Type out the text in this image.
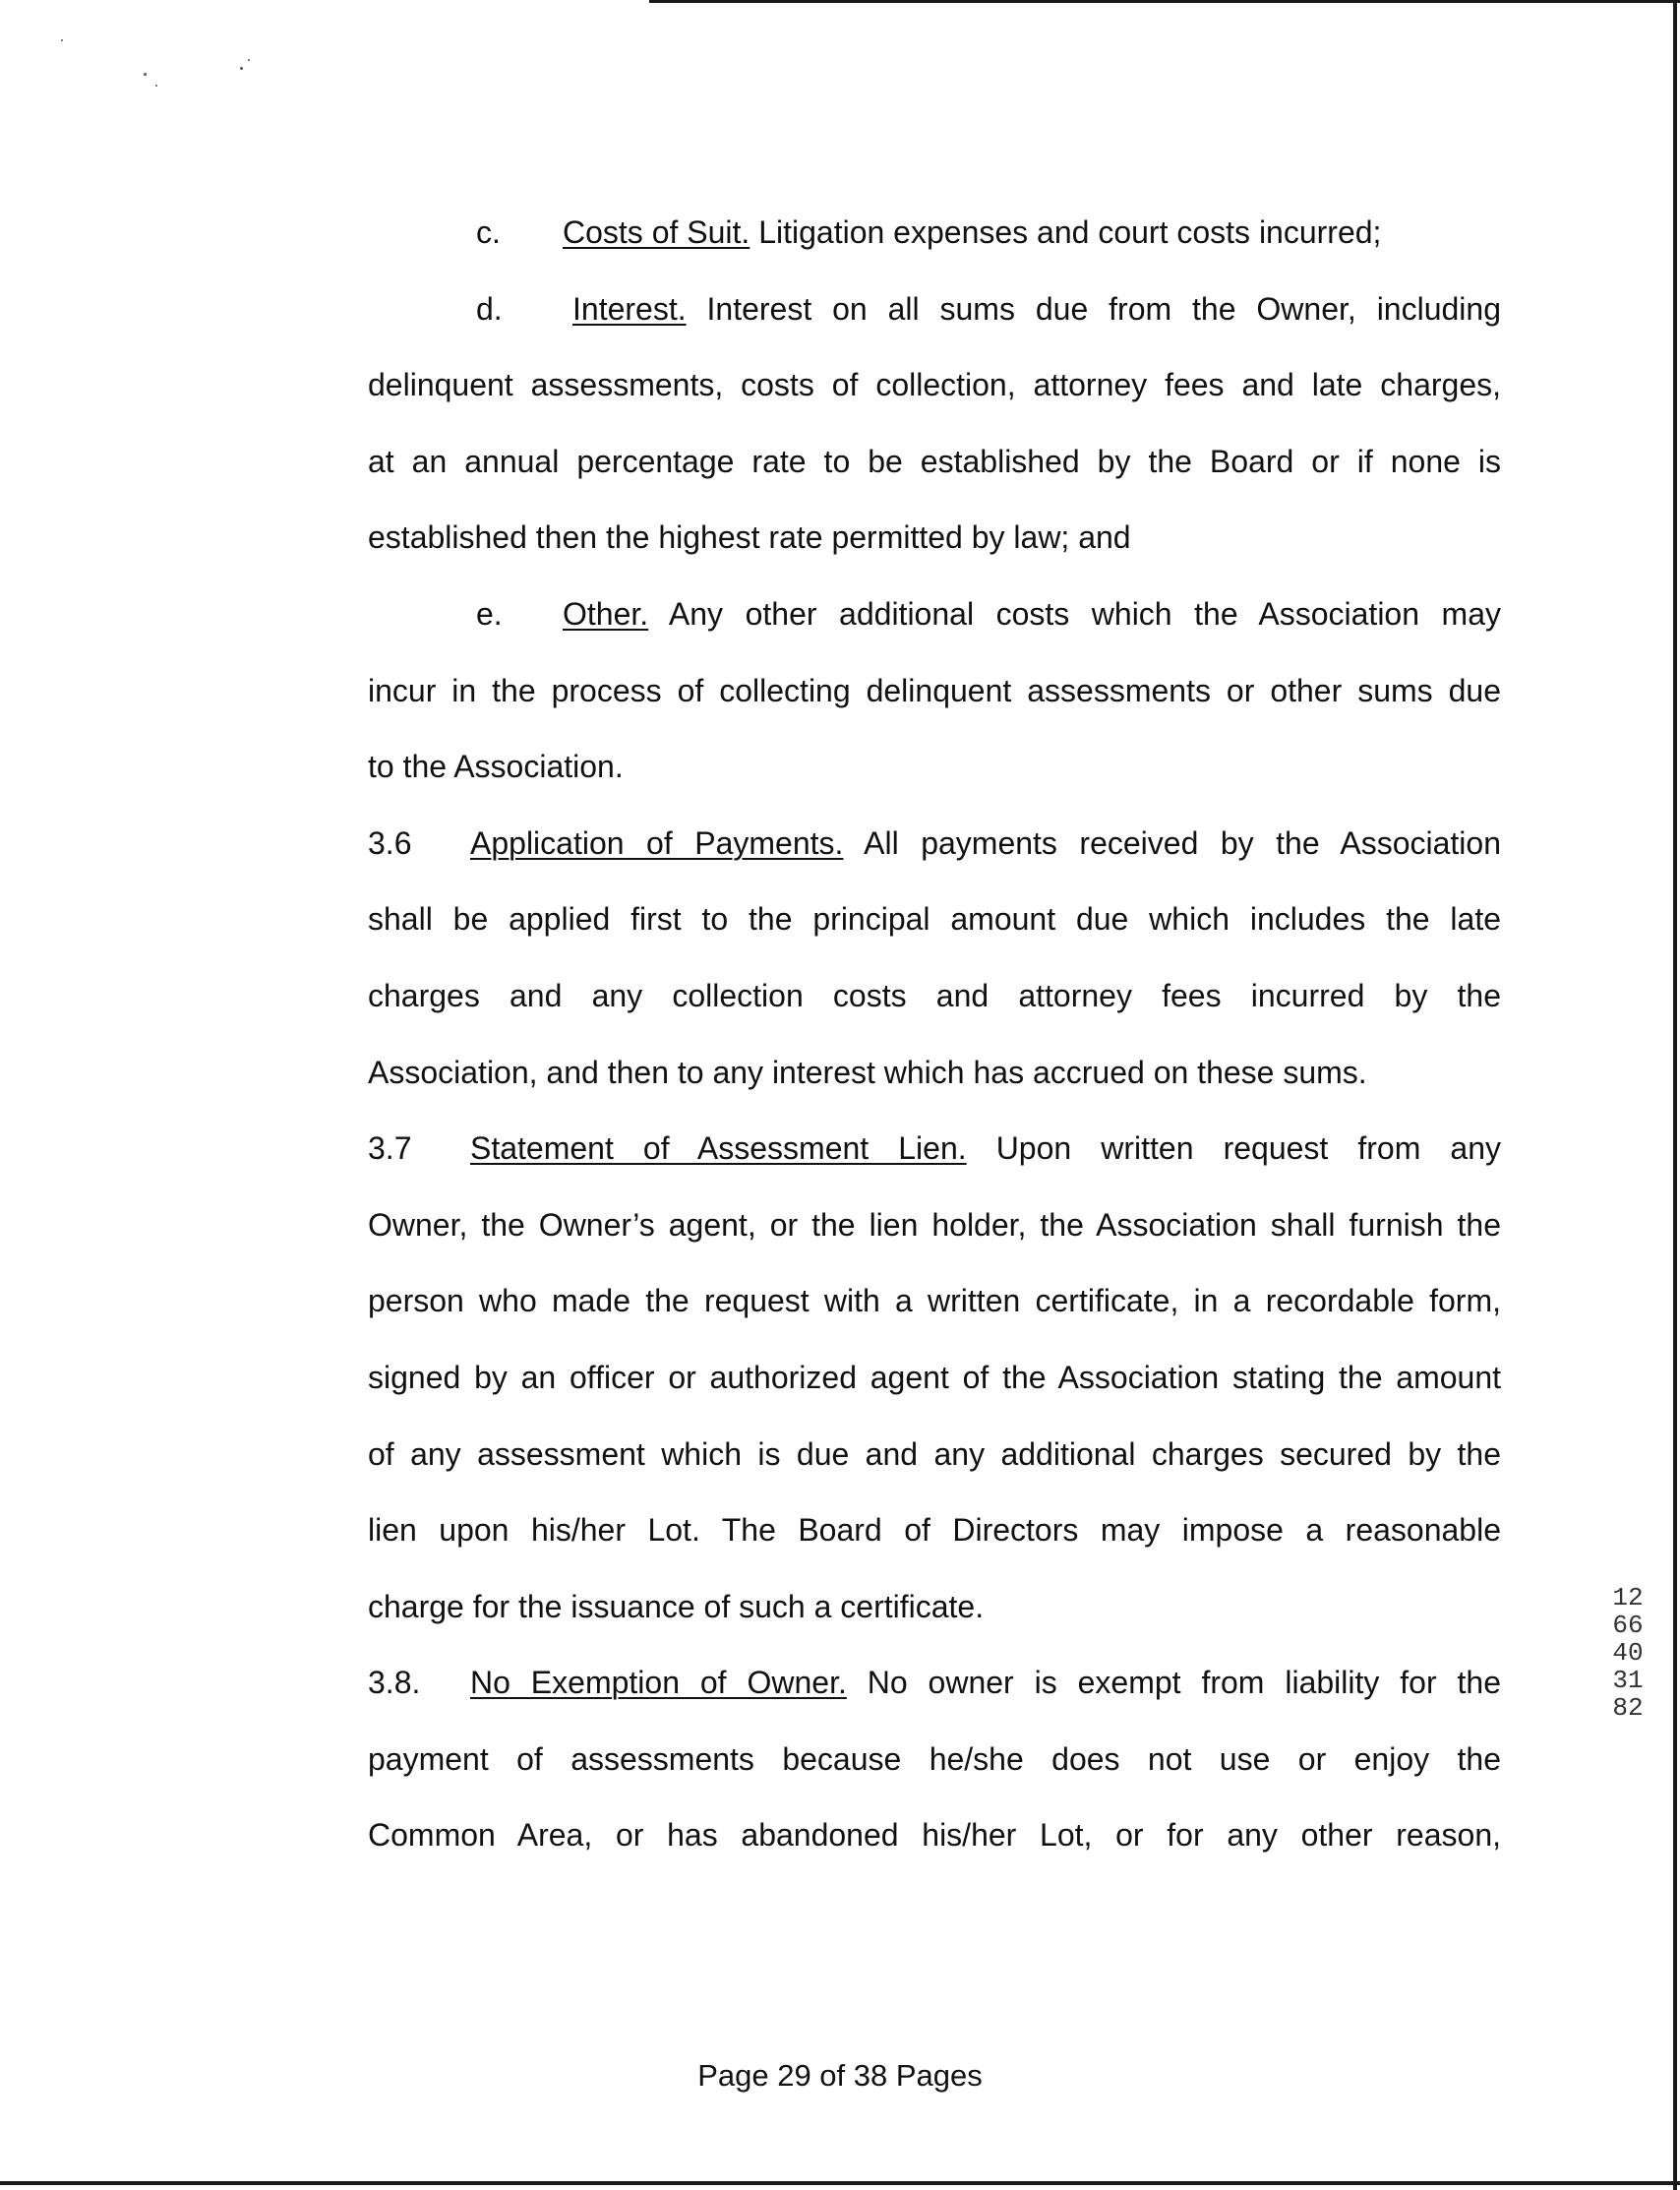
c. Costs of Suit. Litigation expenses and court costs incurred;
d. Interest. Interest on all sums due from the Owner, including
delinquent assessments, costs of collection, attorney fees and late charges,
at an annual percentage rate to be established by the Board or if none is
established then the highest rate permitted by law; and
e. Other. Any other additional costs which the Association may
incur in the process of collecting delinquent assessments or other sums due
to the Association.
3.6 Application of Payments. All payments received by the Association
shall be applied first to the principal amount due which includes the late
charges and any collection costs and attorney fees incurred by the
Association, and then to any interest which has accrued on these sums.
3.7 Statement of Assessment Lien. Upon written request from any
Owner, the Owner’s agent, or the lien holder, the Association shall furnish the
person who made the request with a written certificate, in a recordable form,
signed by an officer or authorized agent of the Association stating the amount
of any assessment which is due and any additional charges secured by the
lien upon his/her Lot. The Board of Directors may impose a reasonable
charge for the issuance of such a certificate.
3.8. No Exemption of Owner. No owner is exempt from liability for the
payment of assessments because he/she does not use or enjoy the
Common Area, or has abandoned his/her Lot, or for any other reason,
1266403182
Page 29 of 38 Pages
